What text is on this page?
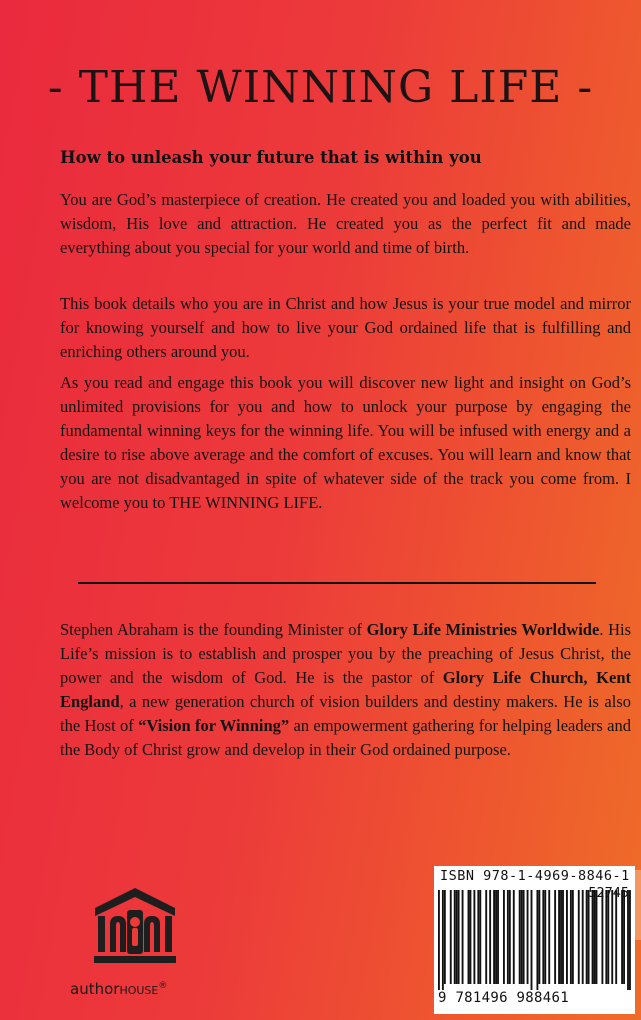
- THE WINNING LIFE -

How to unleash your future that is within you

You are God’s masterpiece of creation. He created you and loaded you with abilities, wisdom, His love and attraction. He created you as the perfect fit and made everything about you special for your world and time of birth.

This book details who you are in Christ and how Jesus is your true model and mirror for knowing yourself and how to live your God ordained life that is fulfilling and enriching others around you.

As you read and engage this book you will discover new light and insight on God’s unlimited provisions for you and how to unlock your purpose by engaging the fundamental winning keys for the winning life. You will be infused with energy and a desire to rise above average and the comfort of excuses. You will learn and know that you are not disadvantaged in spite of whatever side of the track you come from. I welcome you to THE WINNING LIFE.

Stephen Abraham is the founding Minister of Glory Life Ministries Worldwide. His Life’s mission is to establish and prosper you by the preaching of Jesus Christ, the power and the wisdom of God. He is the pastor of Glory Life Church, Kent England, a new generation church of vision builders and destiny makers. He is also the Host of “Vision for Winning” an empowerment gathering for helping leaders and the Body of Christ grow and develop in their God ordained purpose.

authorHOUSE®
ISBN 978-1-4969-8846-1
9 781496 988461
